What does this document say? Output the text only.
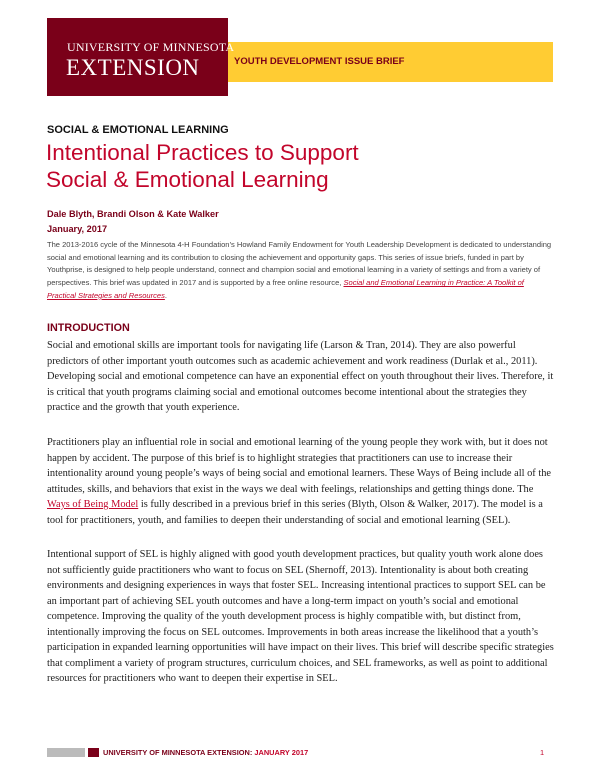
UNIVERSITY OF MINNESOTA
EXTENSION	YOUTH DEVELOPMENT ISSUE BRIEF
SOCIAL & EMOTIONAL LEARNING
Intentional Practices to Support
Social & Emotional Learning
Dale Blyth, Brandi Olson & Kate Walker
January, 2017

The 2013-2016 cycle of the Minnesota 4-H Foundation’s Howland Family Endowment for Youth Leadership Development is dedicated to understanding social and emotional learning and its contribution to closing the achievement and opportunity gaps. This series of issue briefs, funded in part by Youthprise, is designed to help people understand, connect and champion social and emotional learning in a variety of settings and from a variety of perspectives. This brief was updated in 2017 and is supported by a free online resource, Social and Emotional Learning in Practice: A Toolkit of Practical Strategies and Resources.

INTRODUCTION

Social and emotional skills are important tools for navigating life (Larson & Tran, 2014). They are also powerful predictors of other important youth outcomes such as academic achievement and work readiness (Durlak et al., 2011). Developing social and emotional competence can have an exponential effect on youth throughout their lives. Therefore, it is critical that youth programs claiming social and emotional outcomes become intentional about the strategies they practice and the growth that youth experience.

Practitioners play an influential role in social and emotional learning of the young people they work with, but it does not happen by accident. The purpose of this brief is to highlight strategies that practitioners can use to increase their intentionality around young people’s ways of being social and emotional learners. These Ways of Being include all of the attitudes, skills, and behaviors that exist in the ways we deal with feelings, relationships and getting things done. The Ways of Being Model is fully described in a previous brief in this series (Blyth, Olson & Walker, 2017). The model is a tool for practitioners, youth, and families to deepen their understanding of social and emotional learning (SEL).

Intentional support of SEL is highly aligned with good youth development practices, but quality youth work alone does not sufficiently guide practitioners who want to focus on SEL (Shernoff, 2013). Intentionality is about both creating environments and designing experiences in ways that foster SEL. Increasing intentional practices to support SEL can be an important part of achieving SEL youth outcomes and have a long-term impact on youth’s social and emotional competence. Improving the quality of the youth development process is highly compatible with, but distinct from, intentionally improving the focus on SEL outcomes. Improvements in both areas increase the likelihood that a youth’s participation in expanded learning opportunities will have impact on their lives. This brief will describe specific strategies that compliment a variety of program structures, curriculum choices, and SEL frameworks, as well as point to additional resources for practitioners who want to deepen their expertise in SEL.

UNIVERSITY OF MINNESOTA EXTENSION: JANUARY 2017	1
